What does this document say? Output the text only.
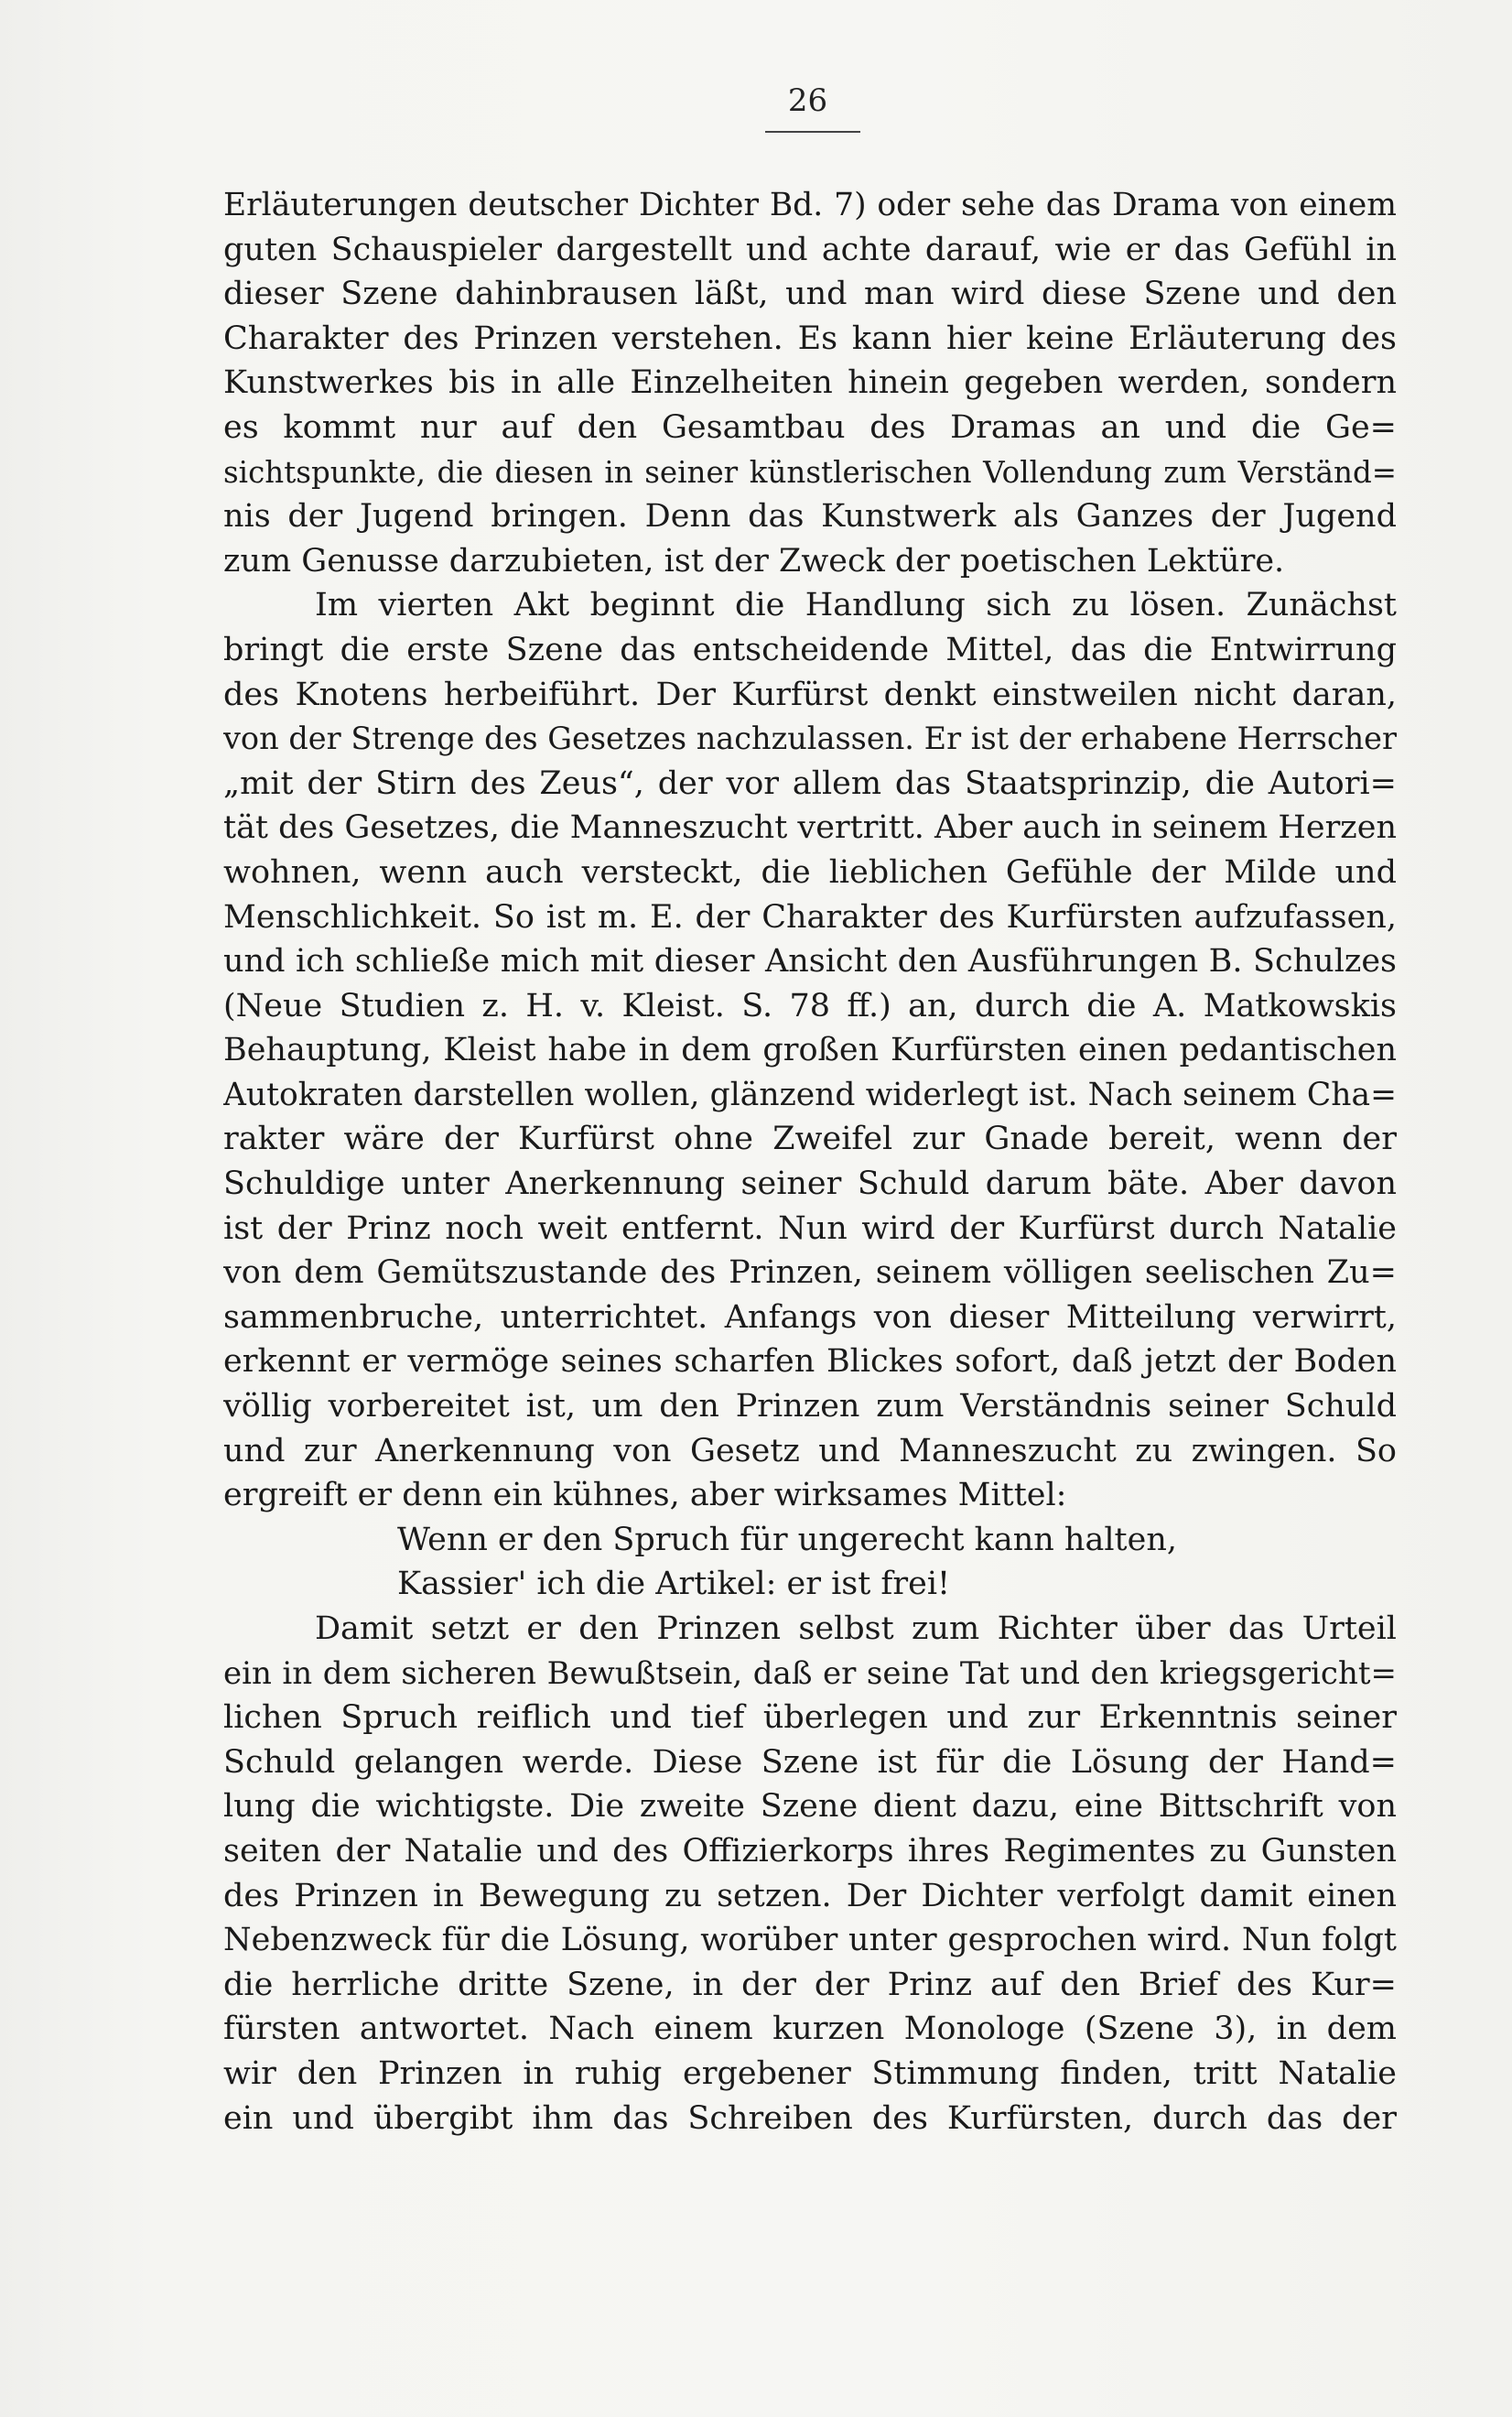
26
Erläuterungen deutscher Dichter Bd. 7) oder sehe das Drama von einem
guten Schauspieler dargestellt und achte darauf, wie er das Gefühl in
dieser Szene dahinbrausen läßt, und man wird diese Szene und den
Charakter des Prinzen verstehen. Es kann hier keine Erläuterung des
Kunstwerkes bis in alle Einzelheiten hinein gegeben werden, sondern
es kommt nur auf den Gesamtbau des Dramas an und die Ge=
sichtspunkte, die diesen in seiner künstlerischen Vollendung zum Verständ=
nis der Jugend bringen. Denn das Kunstwerk als Ganzes der Jugend
zum Genusse darzubieten, ist der Zweck der poetischen Lektüre.
Im vierten Akt beginnt die Handlung sich zu lösen. Zunächst
bringt die erste Szene das entscheidende Mittel, das die Entwirrung
des Knotens herbeiführt. Der Kurfürst denkt einstweilen nicht daran,
von der Strenge des Gesetzes nachzulassen. Er ist der erhabene Herrscher
„mit der Stirn des Zeus“, der vor allem das Staatsprinzip, die Autori=
tät des Gesetzes, die Manneszucht vertritt. Aber auch in seinem Herzen
wohnen, wenn auch versteckt, die lieblichen Gefühle der Milde und
Menschlichkeit. So ist m. E. der Charakter des Kurfürsten aufzufassen,
und ich schließe mich mit dieser Ansicht den Ausführungen B. Schulzes
(Neue Studien z. H. v. Kleist. S. 78 ff.) an, durch die A. Matkowskis
Behauptung, Kleist habe in dem großen Kurfürsten einen pedantischen
Autokraten darstellen wollen, glänzend widerlegt ist. Nach seinem Cha=
rakter wäre der Kurfürst ohne Zweifel zur Gnade bereit, wenn der
Schuldige unter Anerkennung seiner Schuld darum bäte. Aber davon
ist der Prinz noch weit entfernt. Nun wird der Kurfürst durch Natalie
von dem Gemütszustande des Prinzen, seinem völligen seelischen Zu=
sammenbruche, unterrichtet. Anfangs von dieser Mitteilung verwirrt,
erkennt er vermöge seines scharfen Blickes sofort, daß jetzt der Boden
völlig vorbereitet ist, um den Prinzen zum Verständnis seiner Schuld
und zur Anerkennung von Gesetz und Manneszucht zu zwingen. So
ergreift er denn ein kühnes, aber wirksames Mittel:
Wenn er den Spruch für ungerecht kann halten,
Kassier' ich die Artikel: er ist frei!
Damit setzt er den Prinzen selbst zum Richter über das Urteil
ein in dem sicheren Bewußtsein, daß er seine Tat und den kriegsgericht=
lichen Spruch reiflich und tief überlegen und zur Erkenntnis seiner
Schuld gelangen werde. Diese Szene ist für die Lösung der Hand=
lung die wichtigste. Die zweite Szene dient dazu, eine Bittschrift von
seiten der Natalie und des Offizierkorps ihres Regimentes zu Gunsten
des Prinzen in Bewegung zu setzen. Der Dichter verfolgt damit einen
Nebenzweck für die Lösung, worüber unter gesprochen wird. Nun folgt
die herrliche dritte Szene, in der der Prinz auf den Brief des Kur=
fürsten antwortet. Nach einem kurzen Monologe (Szene 3), in dem
wir den Prinzen in ruhig ergebener Stimmung finden, tritt Natalie
ein und übergibt ihm das Schreiben des Kurfürsten, durch das der
